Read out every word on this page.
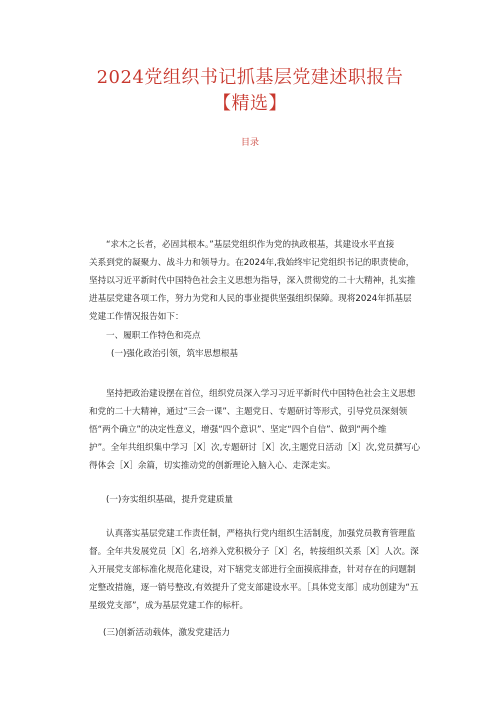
2024党组织书记抓基层党建述职报告
【精选】
目录
“求木之长者，必固其根本。”基层党组织作为党的执政根基，其建设水平直接
关系到党的凝聚力、战斗力和领导力。在2024年,我始终牢记党组织书记的职责使命，
坚持以习近平新时代中国特色社会主义思想为指导，深入贯彻党的二十大精神，扎实推
进基层党建各项工作，努力为党和人民的事业提供坚强组织保障。现将2024年抓基层
党建工作情况报告如下：
一、履职工作特色和亮点
(一)强化政治引领，筑牢思想根基
坚持把政治建设摆在首位，组织党员深入学习习近平新时代中国特色社会主义思想
和党的二十大精神，通过“三会一课”、主题党日、专题研讨等形式，引导党员深刻领
悟“两个确立”的决定性意义，增强“四个意识”、坚定“四个自信”、做到“两个维
护”。全年共组织集中学习［X］次,专题研讨［X］次,主题党日活动［X］次,党员撰写心
得体会［X］余篇，切实推动党的创新理论入脑入心、走深走实。
(一)夯实组织基础，提升党建质量
认真落实基层党建工作责任制，严格执行党内组织生活制度，加强党员教育管理监
督。全年共发展党员［X］名,培养入党积极分子［X］名，转接组织关系［X］人次。深
入开展党支部标准化规范化建设，对下辖党支部进行全面摸底排查，针对存在的问题制
定整改措施，逐一销号整改,有效提升了党支部建设水平。［具体党支部］成功创建为“五
星级党支部”，成为基层党建工作的标杆。
(三)创新活动载体，激发党建活力
